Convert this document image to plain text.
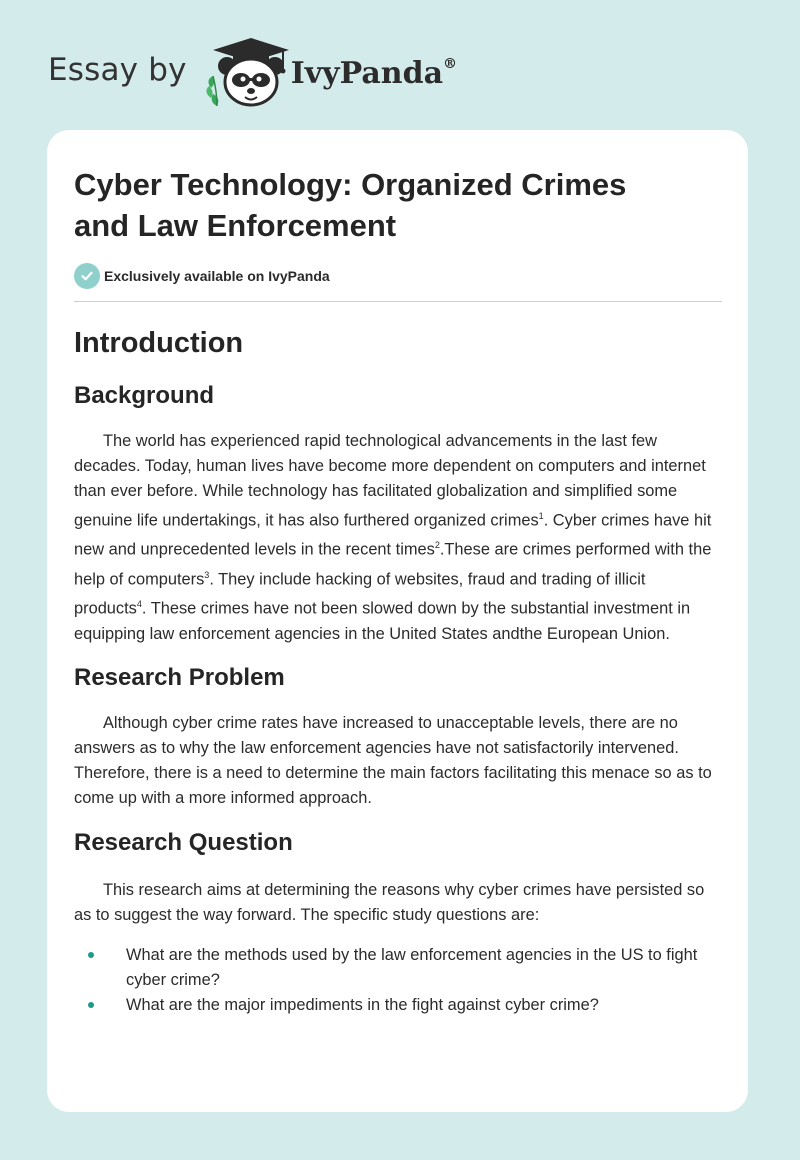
Essay by	IvyPanda®
Cyber Technology: Organized Crimes
and Law Enforcement
Exclusively available on IvyPanda
Introduction
Background

The world has experienced rapid technological advancements in the last few decades. Today, human lives have become more dependent on computers and internet than ever before. While technology has facilitated globalization and simplified some genuine life undertakings, it has also furthered organized crimes$^1$. Cyber crimes have hit new and unprecedented levels in the recent times$^2$.These are crimes performed with the help of computers$^3$. They include hacking of websites, fraud and trading of illicit products$^4$. These crimes have not been slowed down by the substantial investment in equipping law enforcement agencies in the United States andthe European Union.

Research Problem

Although cyber crime rates have increased to unacceptable levels, there are no answers as to why the law enforcement agencies have not satisfactorily intervened. Therefore, there is a need to determine the main factors facilitating this menace so as to come up with a more informed approach.

Research Question

This research aims at determining the reasons why cyber crimes have persisted so as to suggest the way forward. The specific study questions are:

What are the methods used by the law enforcement agencies in the US to fight cyber crime?
What are the major impediments in the fight against cyber crime?
